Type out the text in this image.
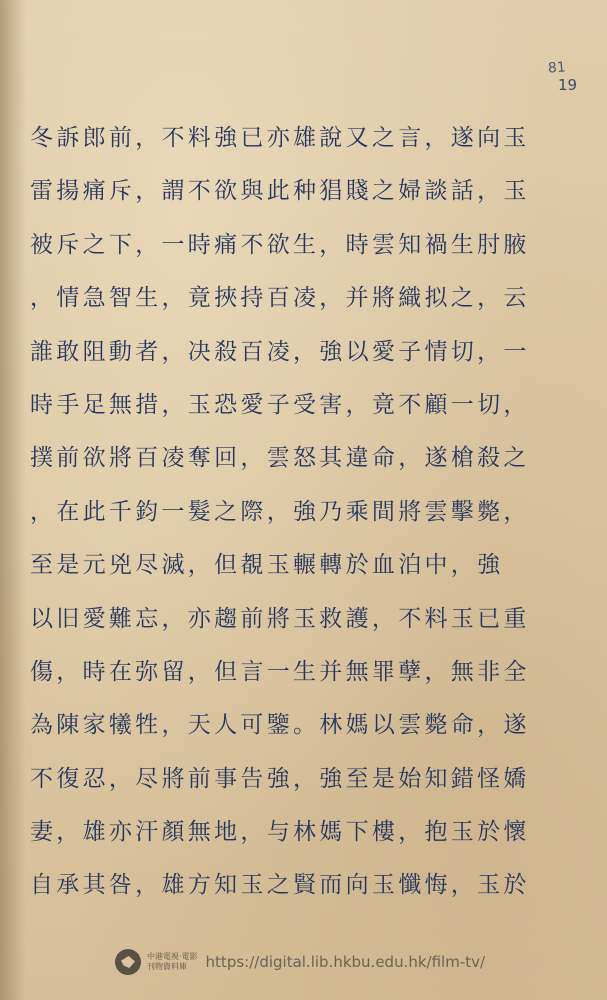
81
19
冬訴郎前，不料強已亦雄說又之言，遂向玉
雷揚痛斥，謂不欲與此种猖賤之婦談話，玉
被斥之下，一時痛不欲生，時雲知禍生肘腋
，情急智生，竟挾持百凌，并將織拟之，云
誰敢阻動者，决殺百凌，強以愛子情切，一
時手足無措，玉恐愛子受害，竟不顧一切，
撲前欲將百凌奪回，雲怒其違命，遂槍殺之
，在此千鈞一髮之際，強乃乘間將雲擊斃，
至是元兇尽滅，但覩玉輾轉於血泊中，強
以旧愛難忘，亦趨前將玉救護，不料玉已重
傷，時在弥留，但言一生并無罪孽，無非全
為陳家犧牲，天人可鑒。林媽以雲斃命，遂
不復忍，尽將前事告強，強至是始知錯怪嬌
妻，雄亦汗顏無地，与林媽下樓，抱玉於懷
自承其咎，雄方知玉之賢而向玉懺悔，玉於
中港電視·電影
刊物資料庫	https://digital.lib.hkbu.edu.hk/film-tv/
